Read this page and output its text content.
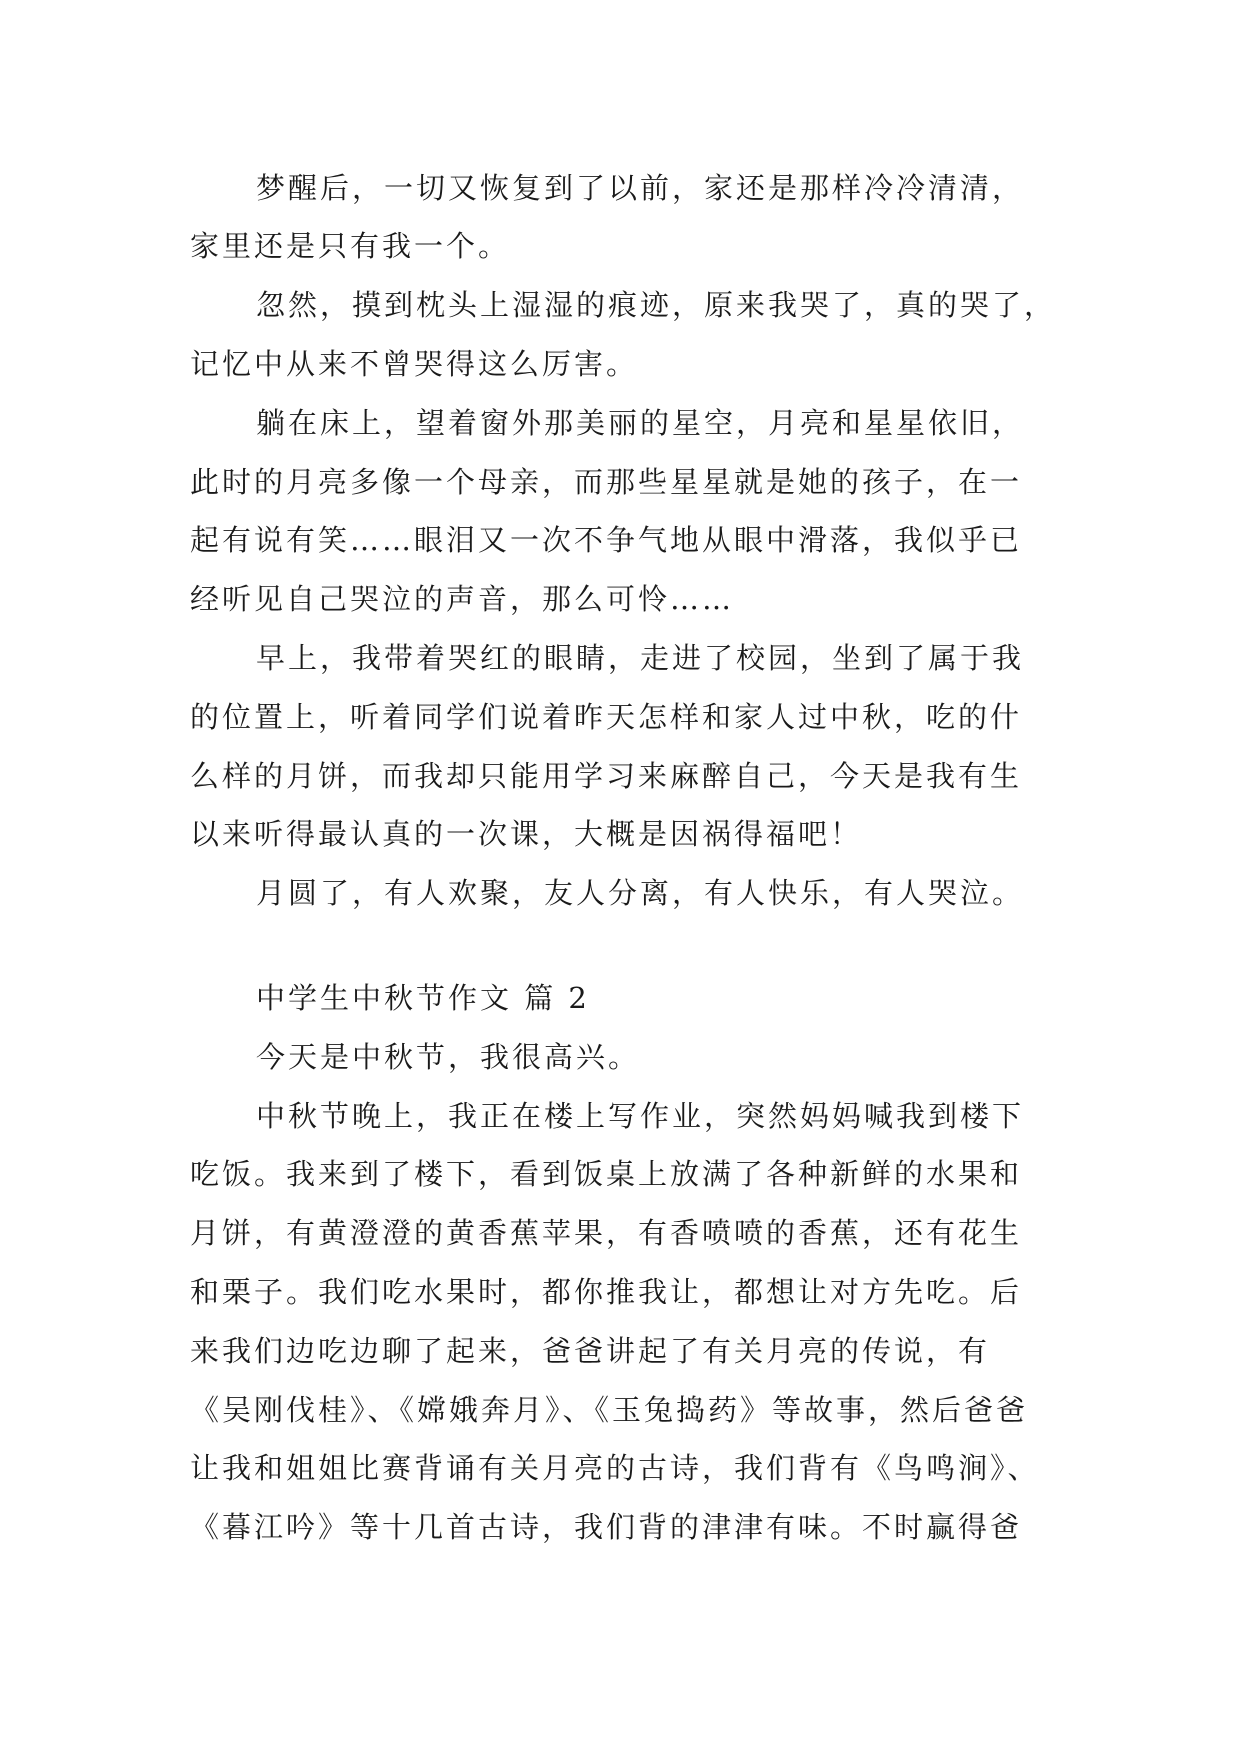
梦醒后，一切又恢复到了以前，家还是那样冷冷清清，
家里还是只有我一个。
忽然，摸到枕头上湿湿的痕迹，原来我哭了，真的哭了，
记忆中从来不曾哭得这么厉害。
躺在床上，望着窗外那美丽的星空，月亮和星星依旧，
此时的月亮多像一个母亲，而那些星星就是她的孩子，在一
起有说有笑……眼泪又一次不争气地从眼中滑落，我似乎已
经听见自己哭泣的声音，那么可怜……
早上，我带着哭红的眼睛，走进了校园，坐到了属于我
的位置上，听着同学们说着昨天怎样和家人过中秋，吃的什
么样的月饼，而我却只能用学习来麻醉自己，今天是我有生
以来听得最认真的一次课，大概是因祸得福吧！
月圆了，有人欢聚，友人分离，有人快乐，有人哭泣。
中学生中秋节作文 篇 2
今天是中秋节，我很高兴。
中秋节晚上，我正在楼上写作业，突然妈妈喊我到楼下
吃饭。我来到了楼下，看到饭桌上放满了各种新鲜的水果和
月饼，有黄澄澄的黄香蕉苹果，有香喷喷的香蕉，还有花生
和栗子。我们吃水果时，都你推我让，都想让对方先吃。后
来我们边吃边聊了起来，爸爸讲起了有关月亮的传说，有
《吴刚伐桂》、《嫦娥奔月》、《玉兔捣药》等故事，然后爸爸
让我和姐姐比赛背诵有关月亮的古诗，我们背有《鸟鸣涧》、
《暮江吟》等十几首古诗，我们背的津津有味。不时赢得爸
